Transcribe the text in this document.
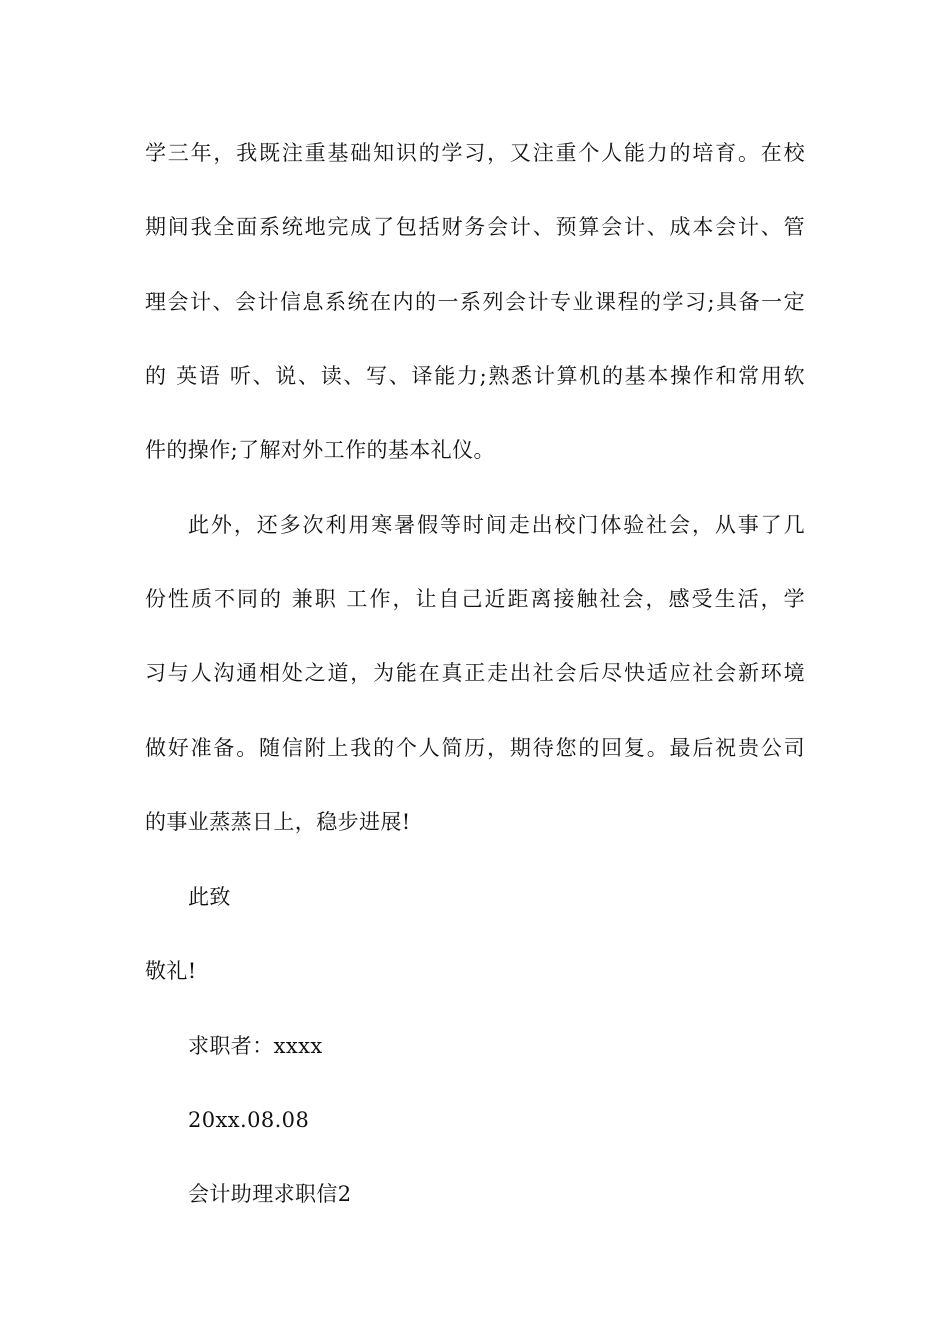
学三年，我既注重基础知识的学习，又注重个人能力的培育。在校
期间我全面系统地完成了包括财务会计、预算会计、成本会计、管
理会计、会计信息系统在内的一系列会计专业课程的学习;具备一定
的 英语 听、说、读、写、译能力;熟悉计算机的基本操作和常用软
件的操作;了解对外工作的基本礼仪。
此外，还多次利用寒暑假等时间走出校门体验社会，从事了几
份性质不同的 兼职 工作，让自己近距离接触社会，感受生活，学
习与人沟通相处之道，为能在真正走出社会后尽快适应社会新环境
做好准备。随信附上我的个人简历，期待您的回复。最后祝贵公司
的事业蒸蒸日上，稳步进展!
此致
敬礼!
求职者：xxxx
20xx.08.08
会计助理求职信2
